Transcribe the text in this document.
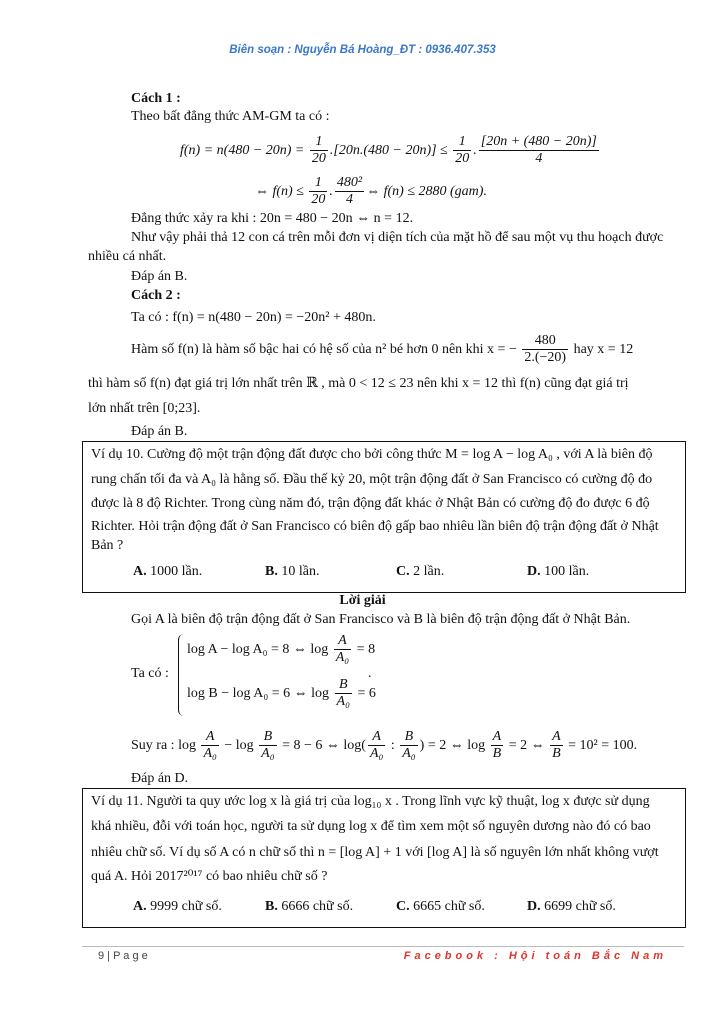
Biên soạn : Nguyễn Bá Hoàng_ĐT : 0936.407.353
Cách 1 :
Theo bất đẳng thức AM-GM ta có :
$f(n) = n(480 - 20n) = \frac{1}{20} .[20n.(480 - 20n)] \le \frac{1}{20}$ . $\frac{[20n + (480 - 20n)]}{4}$
⇔ $f(n) \le \frac{1}{20}$ . $\frac{\text{480²}}{4}$ ⇔ f(n) ≤ 2880 (gam).
Đẳng thức xảy ra khi : 20n = 480 − 20n ⇔ n = 12.
Như vậy phải thả 12 con cá trên mỗi đơn vị diện tích của mặt hồ để sau một vụ thu hoạch được
nhiều cá nhất.
Đáp án B.
Cách 2 :
Ta có : f(n) = n(480 − 20n) = −20n² + 480n.
Hàm số f(n) là hàm số bậc hai có hệ số của n² bé hơn 0 nên khi x = − $\frac{480}{2.(-20)}$ hay x = 12
thì hàm số f(n) đạt giá trị lớn nhất trên ℝ , mà 0 < 12 ≤ 23 nên khi x = 12 thì f(n) cũng đạt giá trị
lớn nhất trên [0;23].
Đáp án B.
Ví dụ 10. Cường độ một trận động đất được cho bởi công thức M = log A − log A₀ , với A là biên độ
rung chấn tối đa và A₀ là hằng số. Đầu thế kỷ 20, một trận động đất ở San Francisco có cường độ đo
được là 8 độ Richter. Trong cùng năm đó, trận động đất khác ở Nhật Bản có cường độ đo được 6 độ
Richter. Hỏi trận động đất ở San Francisco có biên độ gấp bao nhiêu lần biên độ trận động đất ở Nhật
Bản ?
A. 1000 lần.	B. 10 lần.	C. 2 lần.	D. 100 lần.
Lời giải
Gọi A là biên độ trận động đất ở San Francisco và B là biên độ trận động đất ở Nhật Bản.
Ta có :
log A − log A₀ = 8 ⇔ $\log \frac{A}{\text{A₀}} = 8$
log B − log A₀ = 6 ⇔ $\log \frac{B}{\text{A₀}} = 6$
.
Suy ra : $\log \frac{A}{\text{A₀}} - \log \frac{B}{\text{A₀}} = 8 - 6$ ⇔ $\log( \frac{A}{\text{A₀}}$ : $\frac{B}{\text{A₀}}$ ) = 2 ⇔ $\log \frac{A}{B} = 2$ ⇔ $\frac{A}{B} = 10^2 = 100$.
Đáp án D.
Ví dụ 11. Người ta quy ước log x là giá trị của log₁₀ x . Trong lĩnh vực kỹ thuật, log x được sử dụng
khá nhiều, đỗi với toán học, người ta sử dụng log x để tìm xem một số nguyên dương nào đó có bao
nhiêu chữ số. Ví dụ số A có n chữ số thì n = [log A] + 1 với [log A] là số nguyên lớn nhất không vượt
quá A. Hỏi 2017²⁰¹⁷ có bao nhiêu chữ số ?
A. 9999 chữ số.	B. 6666 chữ số.	C. 6665 chữ số.	D. 6699 chữ số.
9 | P a g e	Facebook : Hội toán Bắc Nam
